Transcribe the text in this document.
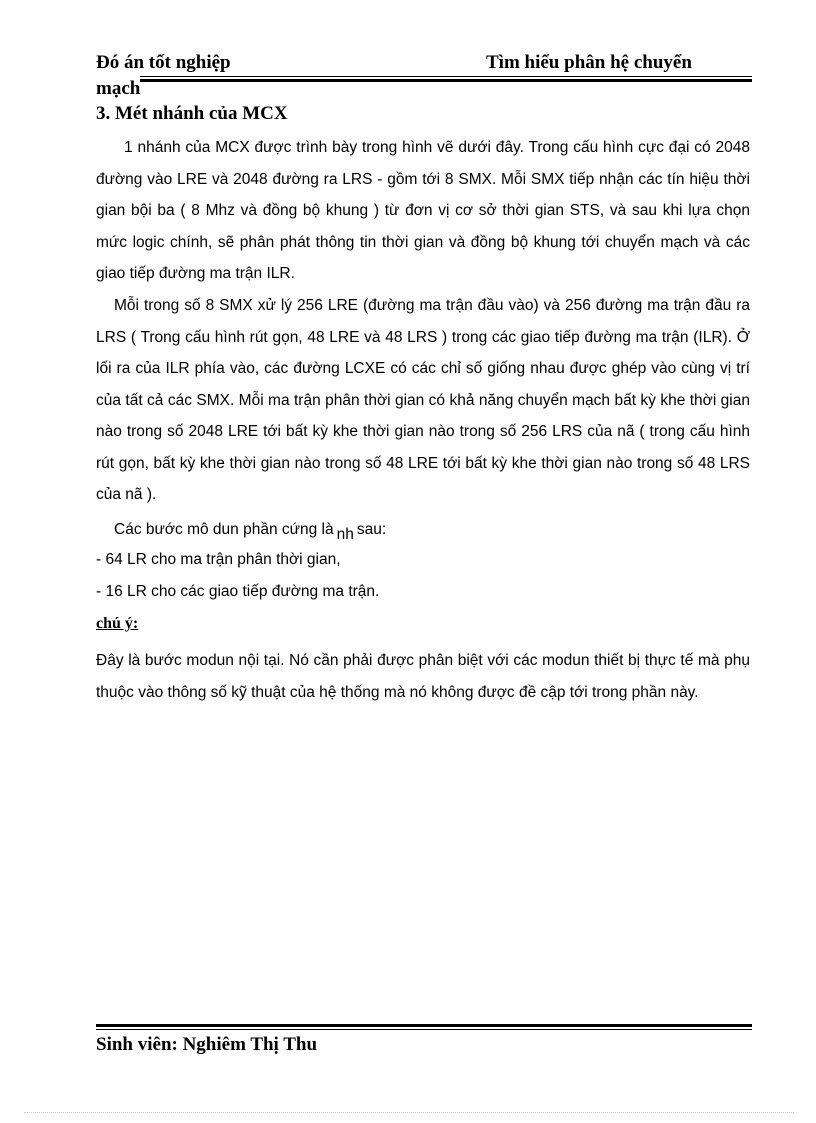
Đó án tốt nghiệp	Tìm hiểu phân hệ chuyển
mạch
3. Mét nhánh của MCX
1 nhánh của MCX được trình bày trong hình vẽ dưới đây. Trong cấu hình cực đại có 2048 đường vào LRE và 2048 đường ra LRS - gồm tới 8 SMX. Mỗi SMX tiếp nhận các tín hiệu thời gian bội ba ( 8 Mhz và đồng bộ khung ) từ đơn vị cơ sở thời gian STS, và sau khi lựa chọn mức logic chính, sẽ phân phát thông tin thời gian và đồng bộ khung tới chuyển mạch và các giao tiếp đường ma trận ILR.
Mỗi trong số 8 SMX xử lý 256 LRE (đường ma trận đầu vào) và 256 đường ma trận đầu ra LRS ( Trong cấu hình rút gọn, 48 LRE và 48 LRS ) trong các giao tiếp đường ma trận (ILR). Ở lối ra của ILR phía vào, các đường LCXE có các chỉ số giống nhau được ghép vào cùng vị trí của tất cả các SMX. Mỗi ma trận phân thời gian có khả năng chuyển mạch bất kỳ khe thời gian nào trong số 2048 LRE tới bất kỳ khe thời gian nào trong số 256 LRS của nã ( trong cấu hình rút gọn, bất kỳ khe thời gian nào trong số 48 LRE tới bất kỳ khe thời gian nào trong số 48 LRS của nã ).
Các bước mô dun phần cứng là nh sau:
- 64 LR cho ma trận phân thời gian,
- 16 LR cho các giao tiếp đường ma trận.
chú ý:
Đây là bước modun nội tại. Nó cần phải được phân biệt với các modun thiết bị thực tế mà phụ thuộc vào thông số kỹ thuật của hệ thống mà nó không được đề cập tới trong phần này.
Sinh viên: Nghiêm Thị Thu
